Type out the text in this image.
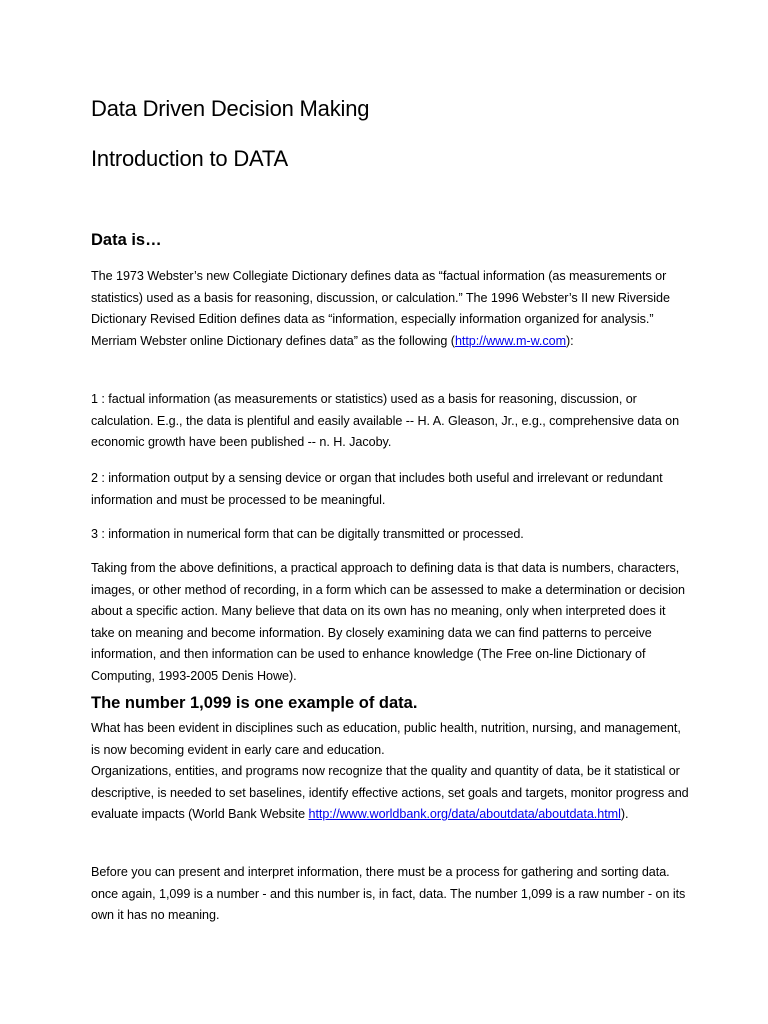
Data Driven Decision Making
Introduction to DATA
Data is…
The 1973 Webster’s new Collegiate Dictionary defines data as “factual information (as measurements or statistics) used as a basis for reasoning, discussion, or calculation.” The 1996 Webster’s II new Riverside Dictionary Revised Edition defines data as “information, especially information organized for analysis.” Merriam Webster online Dictionary defines data” as the following (http://www.m-w.com):
1 : factual information (as measurements or statistics) used as a basis for reasoning, discussion, or calculation. E.g., the data is plentiful and easily available -- H. A. Gleason, Jr., e.g., comprehensive data on economic growth have been published -- n. H. Jacoby.
2 : information output by a sensing device or organ that includes both useful and irrelevant or redundant information and must be processed to be meaningful.
3 : information in numerical form that can be digitally transmitted or processed.
Taking from the above definitions, a practical approach to defining data is that data is numbers, characters, images, or other method of recording, in a form which can be assessed to make a determination or decision about a specific action. Many believe that data on its own has no meaning, only when interpreted does it take on meaning and become information. By closely examining data we can find patterns to perceive information, and then information can be used to enhance knowledge (The Free on-line Dictionary of Computing, 1993-2005 Denis Howe).
The number 1,099 is one example of data.
What has been evident in disciplines such as education, public health, nutrition, nursing, and management, is now becoming evident in early care and education.
Organizations, entities, and programs now recognize that the quality and quantity of data, be it statistical or descriptive, is needed to set baselines, identify effective actions, set goals and targets, monitor progress and evaluate impacts (World Bank Website http://www.worldbank.org/data/aboutdata/aboutdata.html).
Before you can present and interpret information, there must be a process for gathering and sorting data. once again, 1,099 is a number - and this number is, in fact, data. The number 1,099 is a raw number - on its own it has no meaning.
